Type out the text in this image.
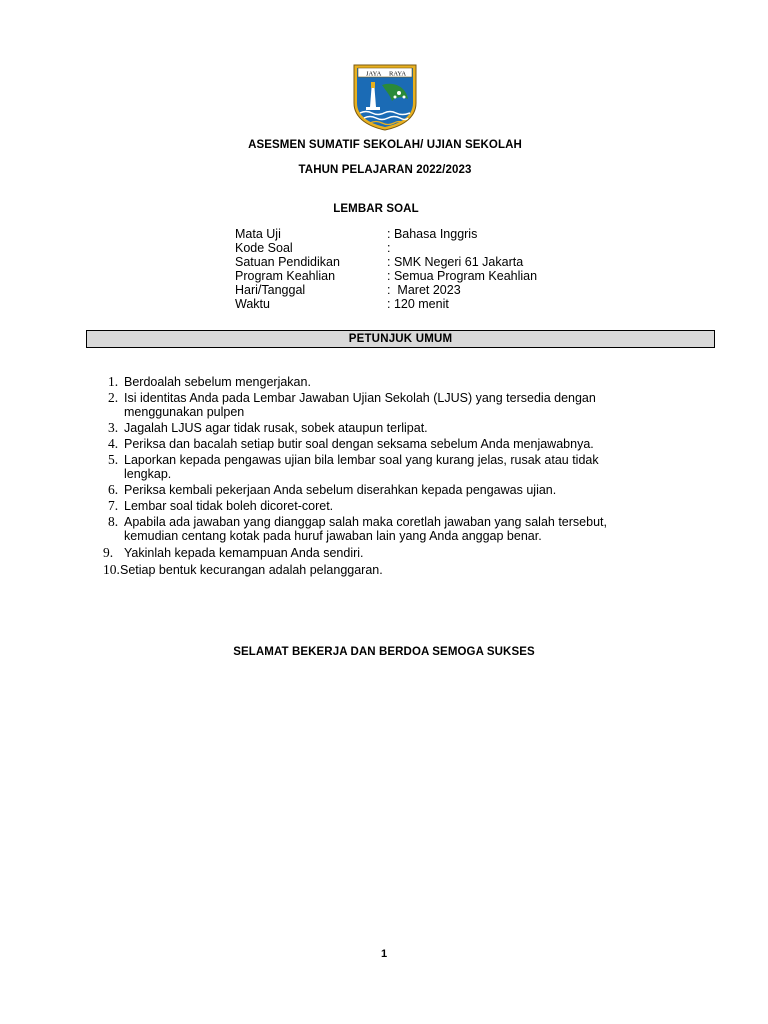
JAYA RAYA
ASESMEN SUMATIF SEKOLAH/ UJIAN SEKOLAH
TAHUN PELAJARAN 2022/2023
LEMBAR SOAL
Mata Uji	: Bahasa Inggris
Kode Soal	:
Satuan Pendidikan	: SMK Negeri 61 Jakarta
Program Keahlian	: Semua Program Keahlian
Hari/Tanggal	:  Maret 2023
Waktu	: 120 menit
PETUNJUK UMUM
1. Berdoalah sebelum mengerjakan.
2. Isi identitas Anda pada Lembar Jawaban Ujian Sekolah (LJUS) yang tersedia dengan menggunakan pulpen
3. Jagalah LJUS agar tidak rusak, sobek ataupun terlipat.
4. Periksa dan bacalah setiap butir soal dengan seksama sebelum Anda menjawabnya.
5. Laporkan kepada pengawas ujian bila lembar soal yang kurang jelas, rusak atau tidak lengkap.
6. Periksa kembali pekerjaan Anda sebelum diserahkan kepada pengawas ujian.
7. Lembar soal tidak boleh dicoret-coret.
8. Apabila ada jawaban yang dianggap salah maka coretlah jawaban yang salah tersebut, kemudian centang kotak pada huruf jawaban lain yang Anda anggap benar.
9. Yakinlah kepada kemampuan Anda sendiri.
10. Setiap bentuk kecurangan adalah pelanggaran.
SELAMAT BEKERJA DAN BERDOA SEMOGA SUKSES
1
